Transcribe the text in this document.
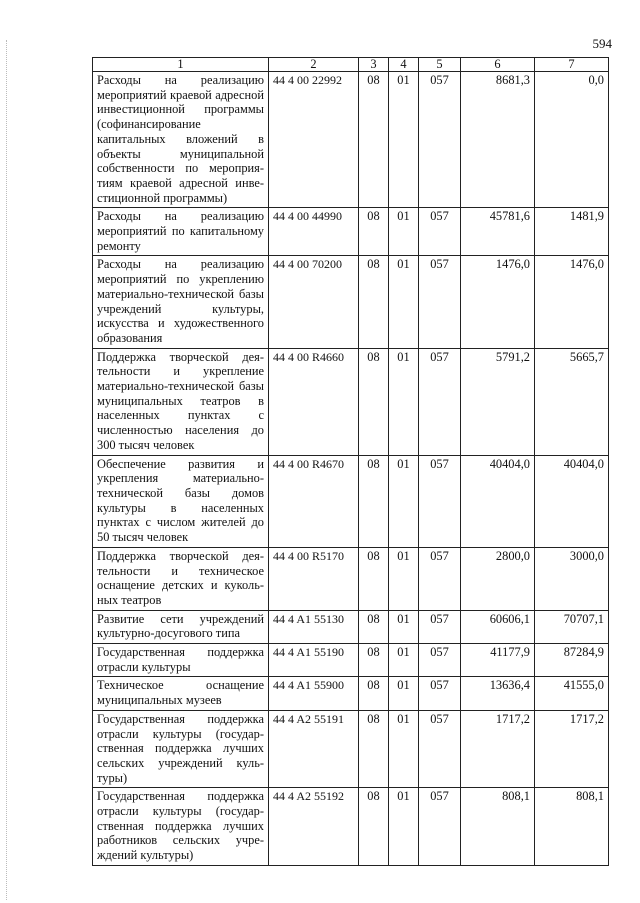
594
1	2	3	4	5	6	7
Расходы на реализацию мероприятий краевой адресной инвестиционной программы (софинансирование капитальных вложений в объекты муниципальной собственности по мероприятиям краевой адресной инвестиционной программы)	44 4 00 22992	08	01	057	8681,3	0,0
Расходы на реализацию мероприятий по капитальному ремонту	44 4 00 44990	08	01	057	45781,6	1481,9
Расходы на реализацию мероприятий по укреплению материально-технической базы учреждений культуры, искусства и художественного образования	44 4 00 70200	08	01	057	1476,0	1476,0
Поддержка творческой деятельности и укрепление материально-технической базы муниципальных театров в населенных пунктах с численностью населения до 300 тысяч человек	44 4 00 R4660	08	01	057	5791,2	5665,7
Обеспечение развития и укрепления материально-технической базы домов культуры в населенных пунктах с числом жителей до 50 тысяч человек	44 4 00 R4670	08	01	057	40404,0	40404,0
Поддержка творческой деятельности и техническое оснащение детских и кукольных театров	44 4 00 R5170	08	01	057	2800,0	3000,0
Развитие сети учреждений культурно-досугового типа	44 4 A1 55130	08	01	057	60606,1	70707,1
Государственная поддержка отрасли культуры	44 4 A1 55190	08	01	057	41177,9	87284,9
Техническое оснащение муниципальных музеев	44 4 A1 55900	08	01	057	13636,4	41555,0
Государственная поддержка отрасли культуры (государственная поддержка лучших сельских учреждений культуры)	44 4 A2 55191	08	01	057	1717,2	1717,2
Государственная поддержка отрасли культуры (государственная поддержка лучших работников сельских учреждений культуры)	44 4 A2 55192	08	01	057	808,1	808,1
